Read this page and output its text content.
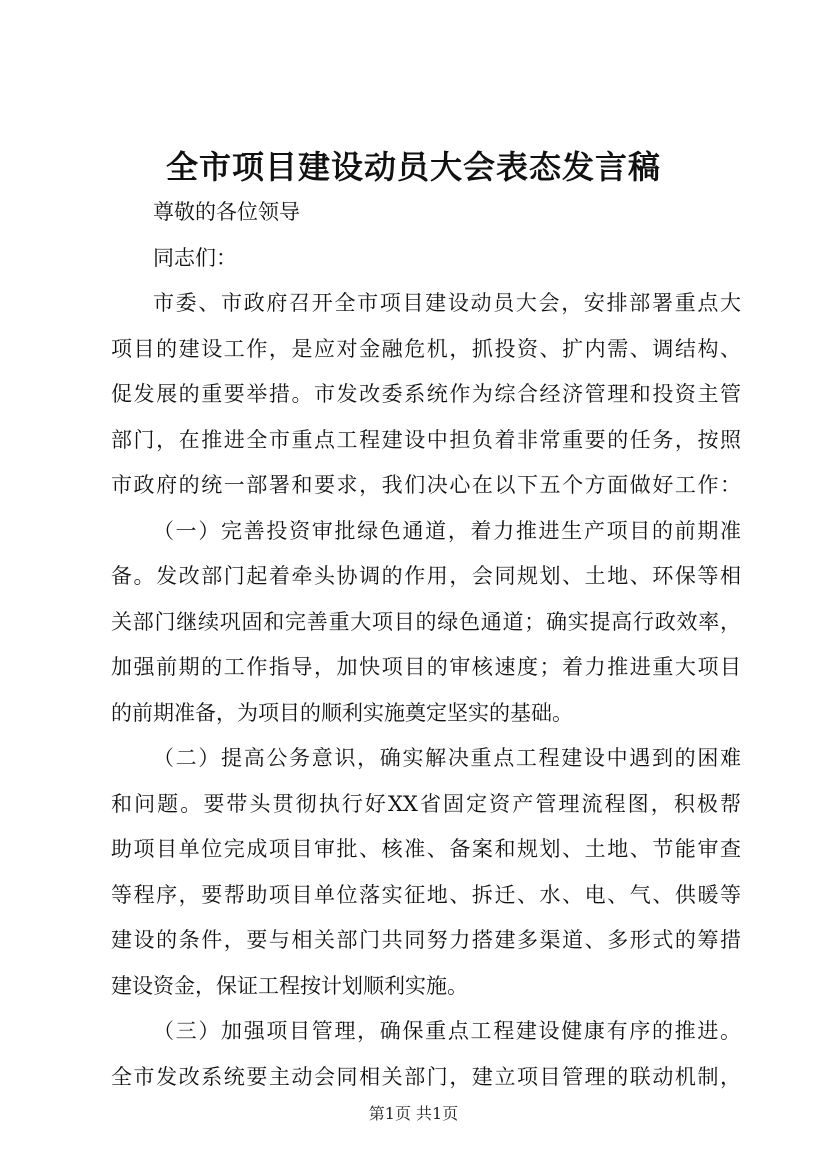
全市项目建设动员大会表态发言稿
尊敬的各位领导
同志们：
市委、市政府召开全市项目建设动员大会，安排部署重点大
项目的建设工作，是应对金融危机，抓投资、扩内需、调结构、
促发展的重要举措。市发改委系统作为综合经济管理和投资主管
部门，在推进全市重点工程建设中担负着非常重要的任务，按照
市政府的统一部署和要求，我们决心在以下五个方面做好工作：
（一）完善投资审批绿色通道，着力推进生产项目的前期准
备。发改部门起着牵头协调的作用，会同规划、土地、环保等相
关部门继续巩固和完善重大项目的绿色通道；确实提高行政效率，
加强前期的工作指导，加快项目的审核速度；着力推进重大项目
的前期准备，为项目的顺利实施奠定坚实的基础。
（二）提高公务意识，确实解决重点工程建设中遇到的困难
和问题。要带头贯彻执行好XX省固定资产管理流程图，积极帮
助项目单位完成项目审批、核准、备案和规划、土地、节能审查
等程序，要帮助项目单位落实征地、拆迁、水、电、气、供暖等
建设的条件，要与相关部门共同努力搭建多渠道、多形式的筹措
建设资金，保证工程按计划顺利实施。
（三）加强项目管理，确保重点工程建设健康有序的推进。
全市发改系统要主动会同相关部门，建立项目管理的联动机制，
第1页 共1页
